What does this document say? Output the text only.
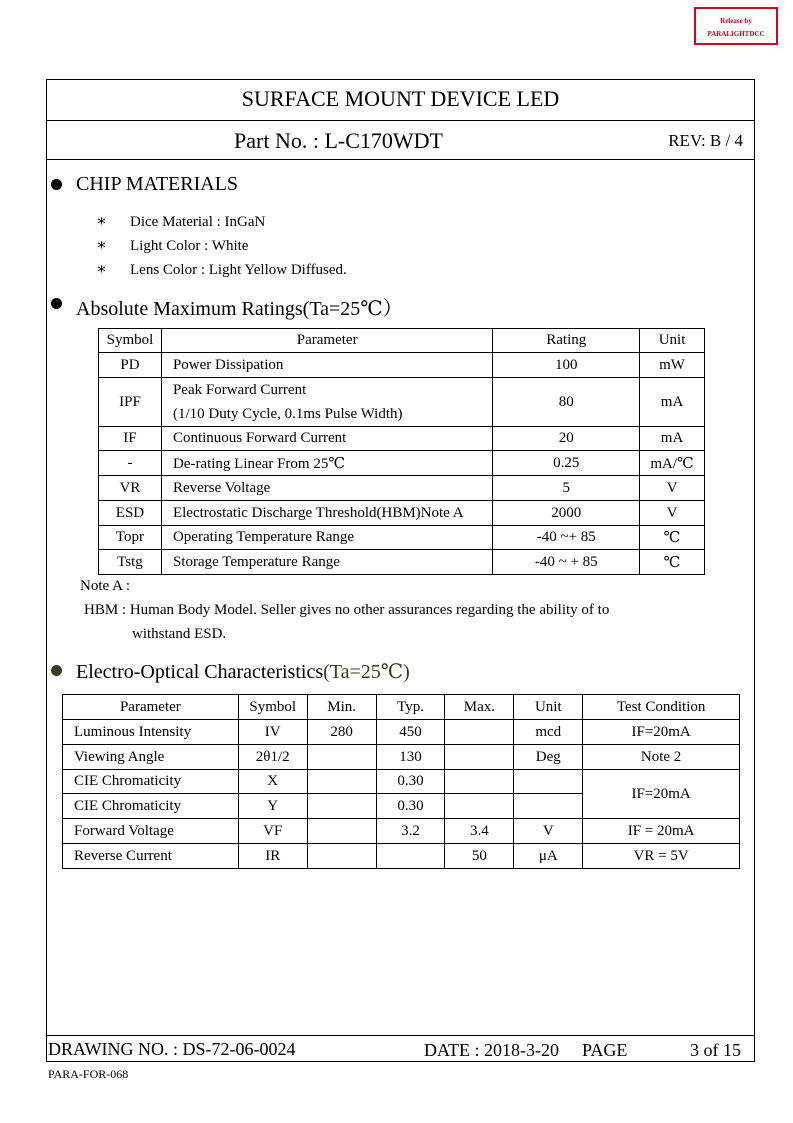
Release by
PARALIGHTDCC
SURFACE MOUNT DEVICE LED
Part No. : L-C170WDT	REV: B / 4
CHIP MATERIALS
∗ Dice Material : InGaN
∗ Light Color : White
∗ Lens Color : Light Yellow Diffused.
Absolute Maximum Ratings(Ta=25℃）
Symbol	Parameter	Rating	Unit
PD	Power Dissipation	100	mW
IPF	Peak Forward Current
(1/10 Duty Cycle, 0.1ms Pulse Width)	80	mA
IF	Continuous Forward Current	20	mA
-	De-rating Linear From 25℃	0.25	mA/℃
VR	Reverse Voltage	5	V
ESD	Electrostatic Discharge Threshold(HBM)Note A	2000	V
Topr	Operating Temperature Range	-40 ~+ 85	℃
Tstg	Storage Temperature Range	-40 ~ + 85	℃
Note A :
HBM : Human Body Model. Seller gives no other assurances regarding the ability of to
withstand ESD.
Electro-Optical Characteristics(Ta=25℃)
Parameter	Symbol	Min.	Typ.	Max.	Unit	Test Condition
Luminous Intensity	IV	280	450		mcd	IF=20mA
Viewing Angle	2θ1/2		130		Deg	Note 2
CIE Chromaticity	X		0.30			IF=20mA
CIE Chromaticity	Y		0.30			
Forward Voltage	VF		3.2	3.4	V	IF = 20mA
Reverse Current	IR			50	μA	VR = 5V
DRAWING NO. : DS-72-06-0024	DATE : 2018-3-20 PAGE	3 of 15
PARA-FOR-068
